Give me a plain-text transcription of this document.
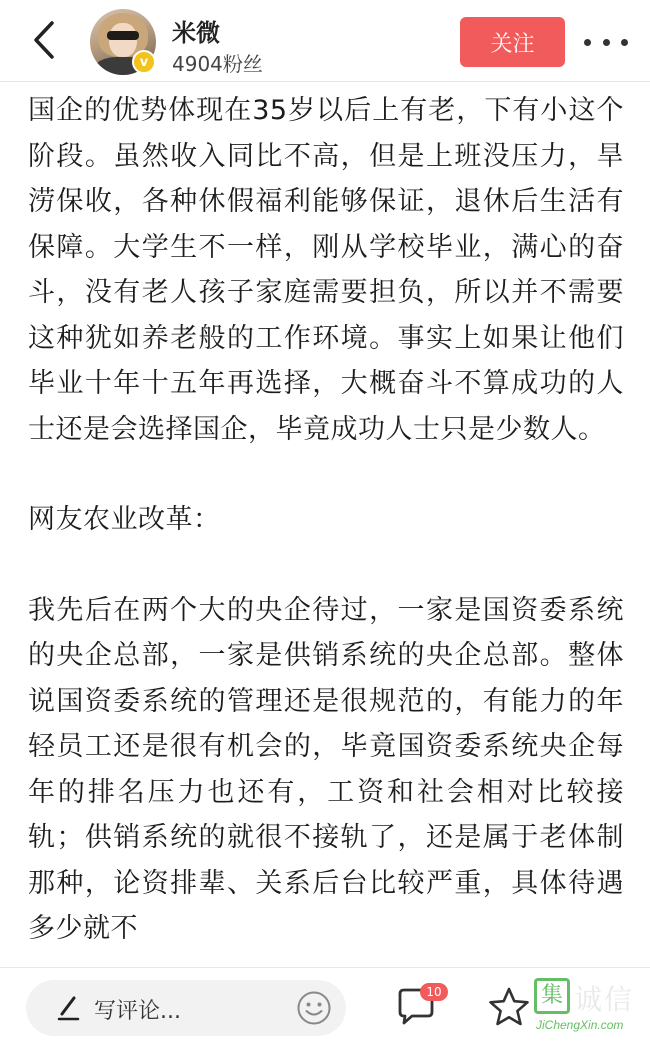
v
米微
4904粉丝
关注

国企的优势体现在35岁以后上有老，下有小这个阶段。虽然收入同比不高，但是上班没压力，旱涝保收，各种休假福利能够保证，退休后生活有保障。大学生不一样，刚从学校毕业，满心的奋斗，没有老人孩子家庭需要担负，所以并不需要这种犹如养老般的工作环境。事实上如果让他们毕业十年十五年再选择，大概奋斗不算成功的人士还是会选择国企，毕竟成功人士只是少数人。

网友农业改革：

我先后在两个大的央企待过，一家是国资委系统的央企总部，一家是供销系统的央企总部。整体说国资委系统的管理还是很规范的，有能力的年轻员工还是很有机会的，毕竟国资委系统央企每年的排名压力也还有，工资和社会相对比较接轨；供销系统的就很不接轨了，还是属于老体制那种，论资排辈、关系后台比较严重，具体待遇多少就不

写评论...
10	集 诚信
JiChengXin.com
